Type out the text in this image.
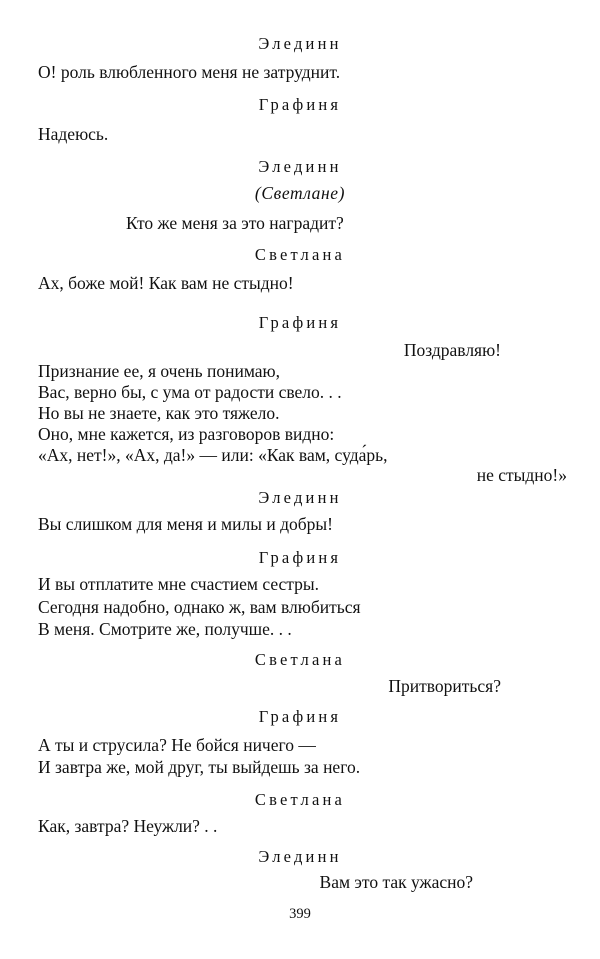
Элединн
О! роль влюбленного меня не затруднит.
Графиня
Надеюсь.
Элединн
(Светлане)
Кто же меня за это наградит?
Светлана
Ах, боже мой! Как вам не стыдно!
Графиня
Поздравляю!
Признание ее, я очень понимаю,
Вас, верно бы, с ума от радости свело. . .
Но вы не знаете, как это тяжело.
Оно, мне кажется, из разговоров видно:
«Ах, нет!», «Ах, да!» — или: «Как вам, суда́рь,
не стыдно!»
Элединн
Вы слишком для меня и милы и добры!
Графиня
И вы отплатите мне счастием сестры.
Сегодня надобно, однако ж, вам влюбиться
В меня. Смотрите же, получше. . .
Светлана
Притвориться?
Графиня
А ты и струсила? Не бойся ничего —
И завтра же, мой друг, ты выйдешь за него.
Светлана
Как, завтра? Неужли? . .
Элединн
Вам это так ужасно?
399
